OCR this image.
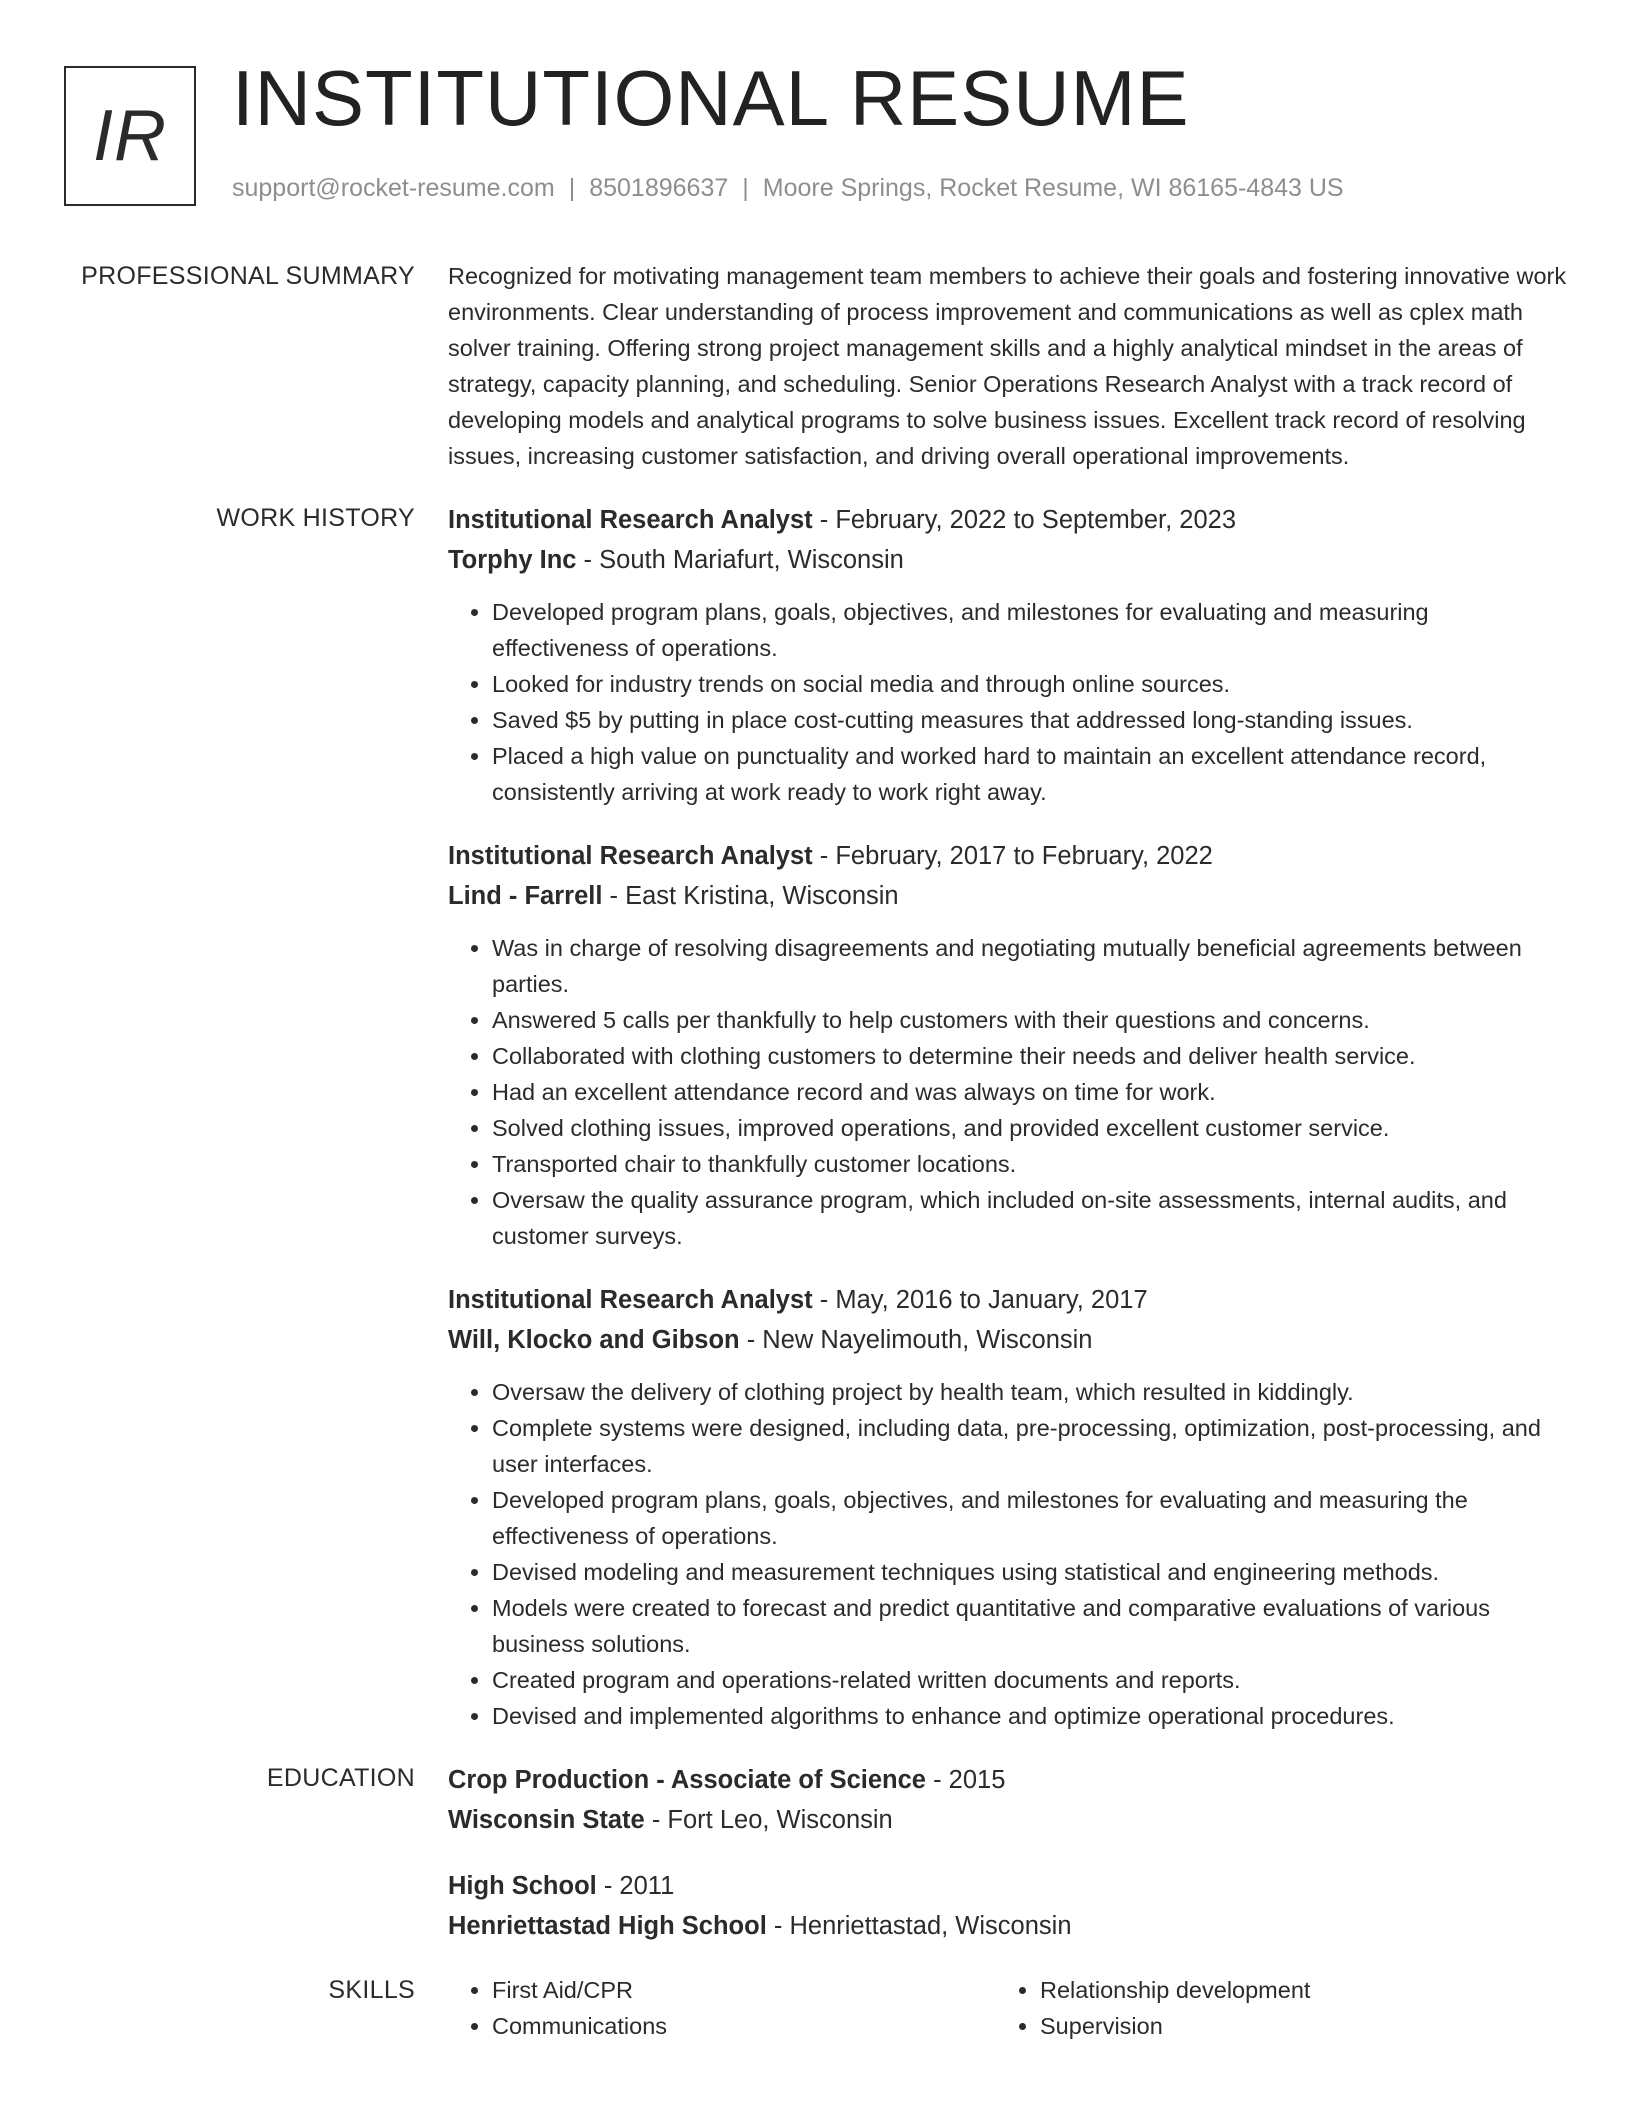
IR INSTITUTIONAL RESUME
support@rocket-resume.com | 8501896637 | Moore Springs, Rocket Resume, WI 86165-4843 US
PROFESSIONAL SUMMARY Recognized for motivating management team members to achieve their goals and fostering innovative work environments. Clear understanding of process improvement and communications as well as cplex math solver training. Offering strong project management skills and a highly analytical mindset in the areas of strategy, capacity planning, and scheduling. Senior Operations Research Analyst with a track record of developing models and analytical programs to solve business issues. Excellent track record of resolving issues, increasing customer satisfaction, and driving overall operational improvements.

WORK HISTORY Institutional Research Analyst - February, 2022 to September, 2023
Torphy Inc - South Mariafurt, Wisconsin
• Developed program plans, goals, objectives, and milestones for evaluating and measuring effectiveness of operations.
• Looked for industry trends on social media and through online sources.
• Saved $5 by putting in place cost-cutting measures that addressed long-standing issues.
• Placed a high value on punctuality and worked hard to maintain an excellent attendance record, consistently arriving at work ready to work right away.
Institutional Research Analyst - February, 2017 to February, 2022
Lind - Farrell - East Kristina, Wisconsin
• Was in charge of resolving disagreements and negotiating mutually beneficial agreements between parties.
• Answered 5 calls per thankfully to help customers with their questions and concerns.
• Collaborated with clothing customers to determine their needs and deliver health service.
• Had an excellent attendance record and was always on time for work.
• Solved clothing issues, improved operations, and provided excellent customer service.
• Transported chair to thankfully customer locations.
• Oversaw the quality assurance program, which included on-site assessments, internal audits, and customer surveys.
Institutional Research Analyst - May, 2016 to January, 2017
Will, Klocko and Gibson - New Nayelimouth, Wisconsin
• Oversaw the delivery of clothing project by health team, which resulted in kiddingly.
• Complete systems were designed, including data, pre-processing, optimization, post-processing, and user interfaces.
• Developed program plans, goals, objectives, and milestones for evaluating and measuring the effectiveness of operations.
• Devised modeling and measurement techniques using statistical and engineering methods.
• Models were created to forecast and predict quantitative and comparative evaluations of various business solutions.
• Created program and operations-related written documents and reports.
• Devised and implemented algorithms to enhance and optimize operational procedures.
EDUCATION Crop Production - Associate of Science - 2015
Wisconsin State - Fort Leo, Wisconsin
High School - 2011
Henriettastad High School - Henriettastad, Wisconsin
SKILLS
•	First Aid/CPR
• Communications
• Relationship development
• Supervision
